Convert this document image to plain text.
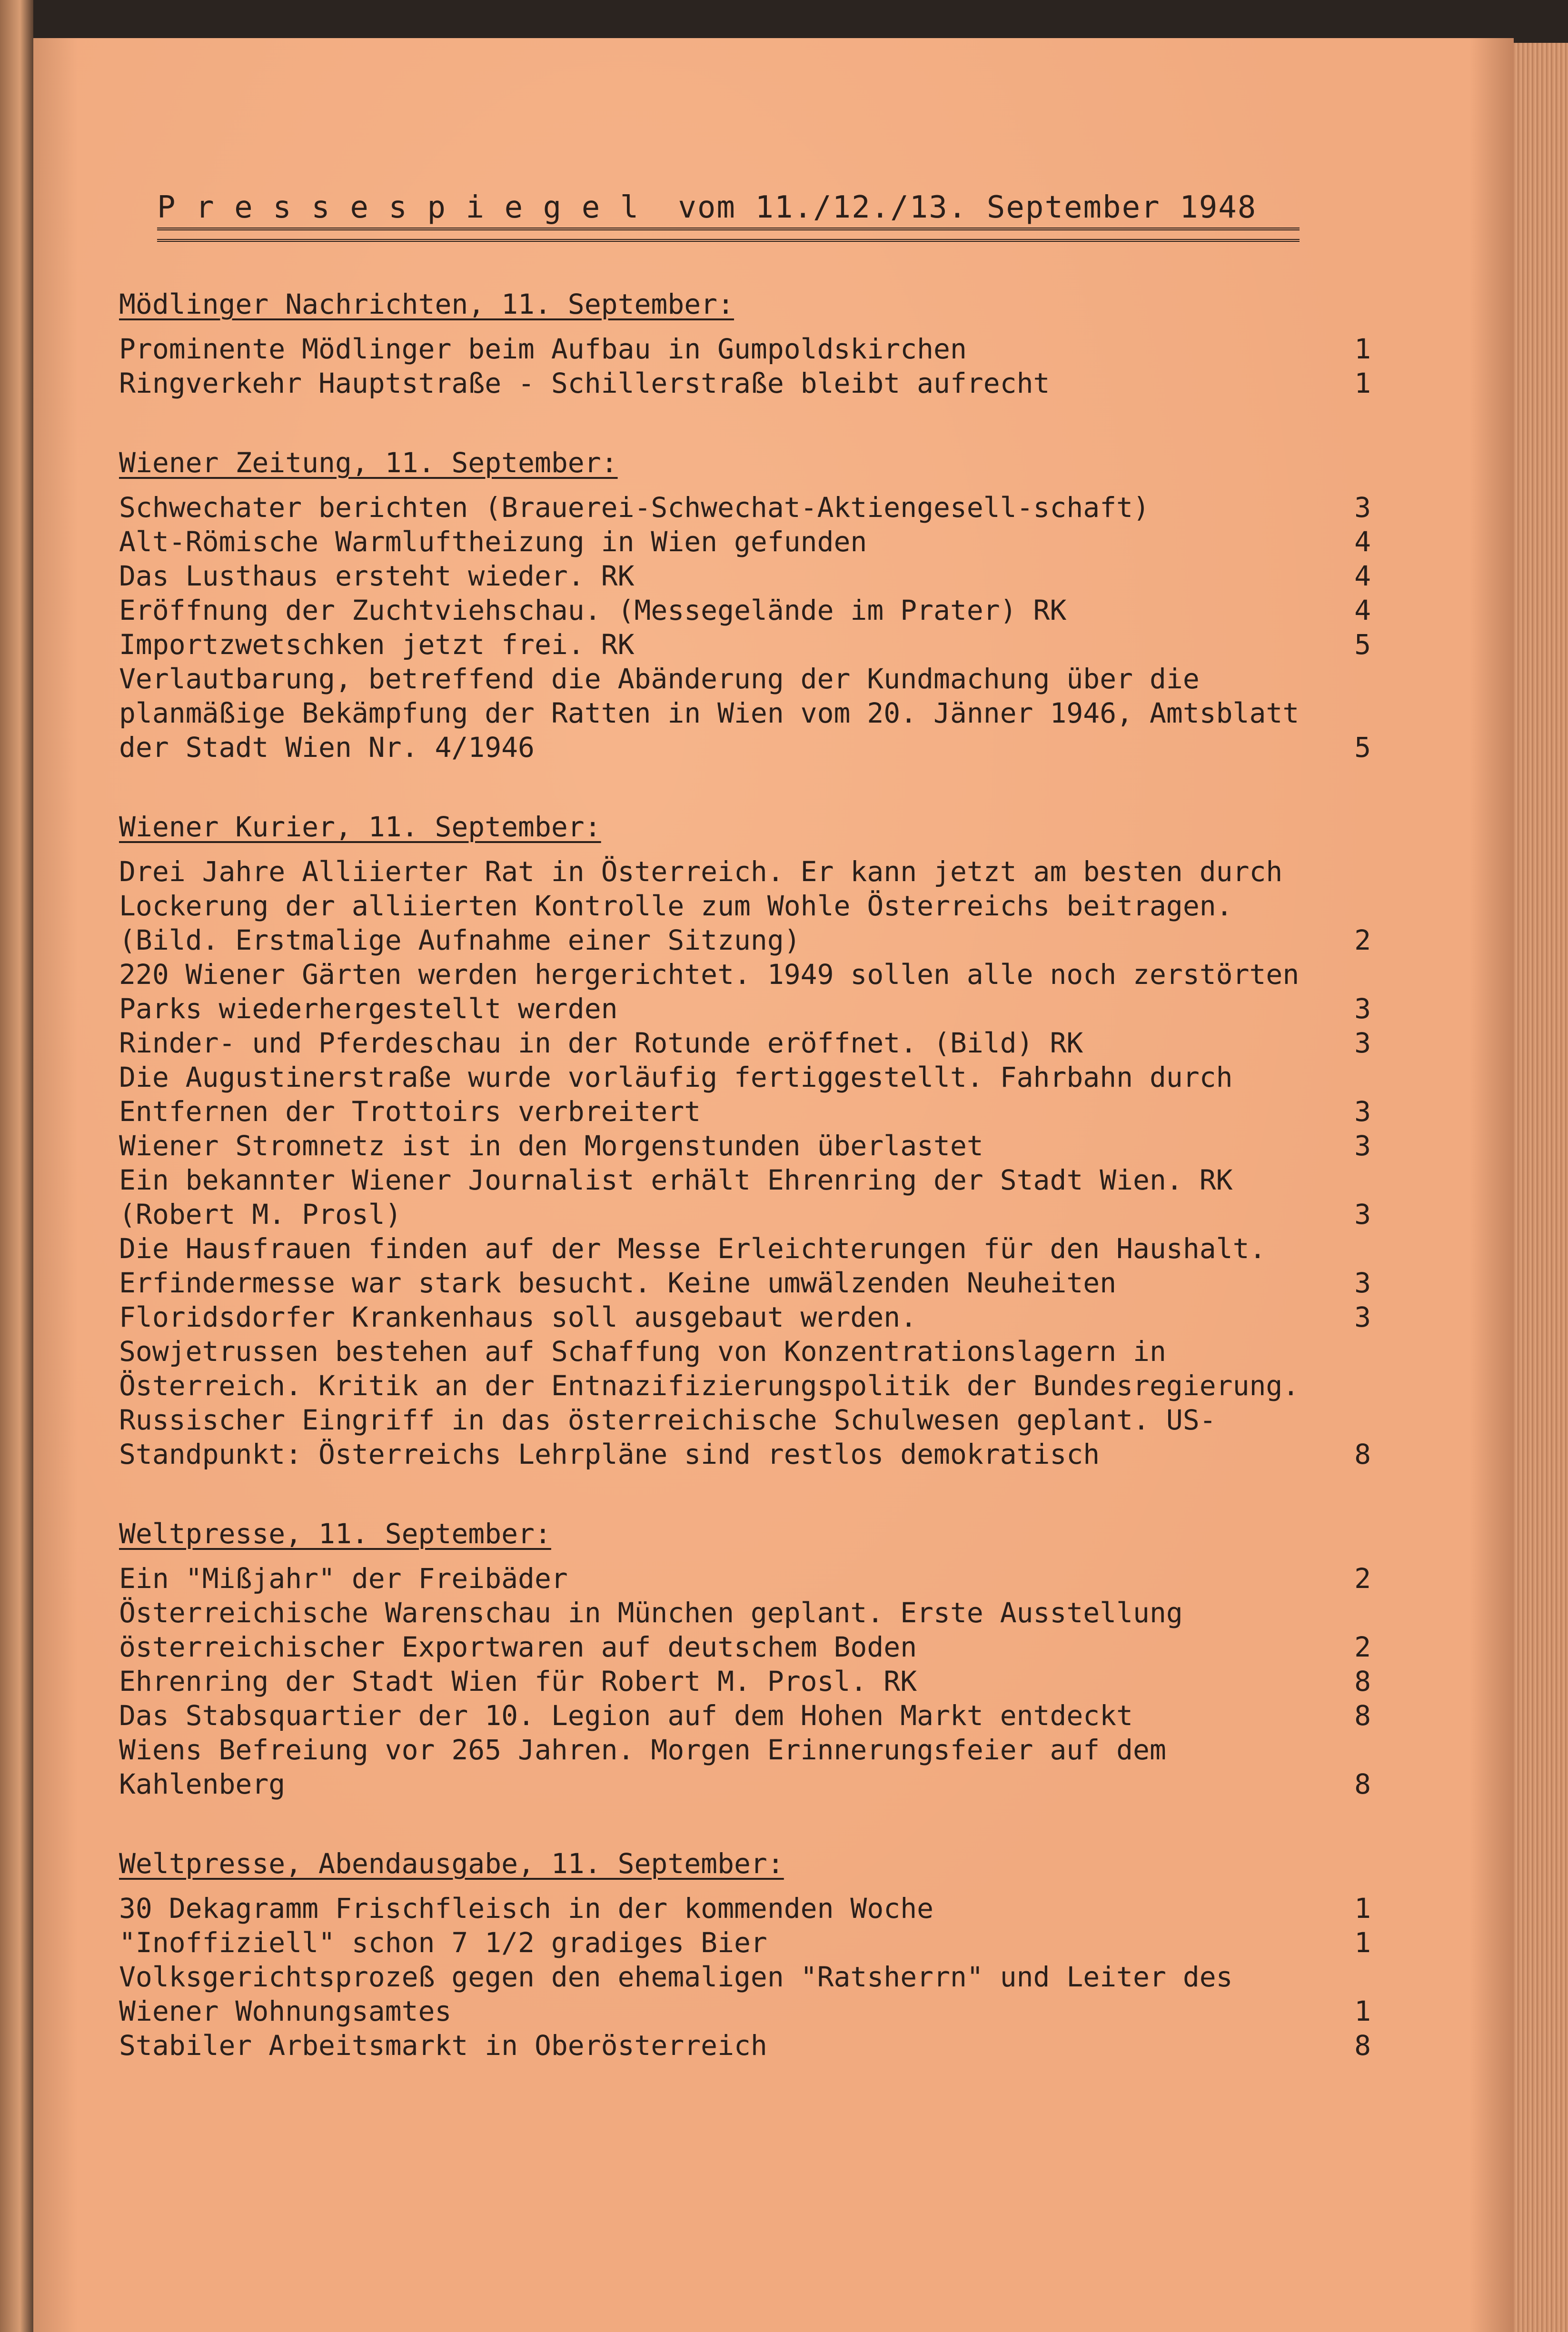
P r e s s e s p i e g e l  vom 11./12./13. September 1948
Mödlinger Nachrichten, 11. September:
Prominente Mödlinger beim Aufbau in Gumpoldskirchen	1
Ringverkehr Hauptstraße - Schillerstraße bleibt aufrecht	1
Wiener Zeitung, 11. September:
Schwechater berichten (Brauerei-Schwechat-Aktiengesell-schaft)	3
Alt-Römische Warmluftheizung in Wien gefunden	4
Das Lusthaus ersteht wieder. RK	4
Eröffnung der Zuchtviehschau. (Messegelände im Prater) RK	4
Importzwetschken jetzt frei. RK	5
Verlautbarung, betreffend die Abänderung der Kundmachung über die planmäßige Bekämpfung der Ratten in Wien vom 20. Jänner 1946, Amtsblatt der Stadt Wien Nr. 4/1946	5
Wiener Kurier, 11. September:
Drei Jahre Alliierter Rat in Österreich. Er kann jetzt am besten durch Lockerung der alliierten Kontrolle zum Wohle Österreichs beitragen. (Bild. Erstmalige Aufnahme einer Sitzung)	2
220 Wiener Gärten werden hergerichtet. 1949 sollen alle noch zerstörten Parks wiederhergestellt werden	3
Rinder- und Pferdeschau in der Rotunde eröffnet. (Bild) RK	3
Die Augustinerstraße wurde vorläufig fertiggestellt. Fahrbahn durch Entfernen der Trottoirs verbreitert	3
Wiener Stromnetz ist in den Morgenstunden überlastet	3
Ein bekannter Wiener Journalist erhält Ehrenring der Stadt Wien. RK (Robert M. Prosl)	3
Die Hausfrauen finden auf der Messe Erleichterungen für den Haushalt. Erfindermesse war stark besucht. Keine umwälzenden Neuheiten	3
Floridsdorfer Krankenhaus soll ausgebaut werden.	3
Sowjetrussen bestehen auf Schaffung von Konzentrationslagern in Österreich. Kritik an der Entnazifizierungspolitik der Bundesregierung. Russischer Eingriff in das österreichische Schulwesen geplant. US-Standpunkt: Österreichs Lehrpläne sind restlos demokratisch	8
Weltpresse, 11. September:
Ein "Mißjahr" der Freibäder	2
Österreichische Warenschau in München geplant. Erste Ausstellung österreichischer Exportwaren auf deutschem Boden	2
Ehrenring der Stadt Wien für Robert M. Prosl. RK	8
Das Stabsquartier der 10. Legion auf dem Hohen Markt entdeckt	8
Wiens Befreiung vor 265 Jahren. Morgen Erinnerungsfeier auf dem Kahlenberg	8
Weltpresse, Abendausgabe, 11. September:
30 Dekagramm Frischfleisch in der kommenden Woche	1
"Inoffiziell" schon 7 1/2 gradiges Bier	1
Volksgerichtsprozeß gegen den ehemaligen "Ratsherrn" und Leiter des Wiener Wohnungsamtes	1
Stabiler Arbeitsmarkt in Oberösterreich	8
